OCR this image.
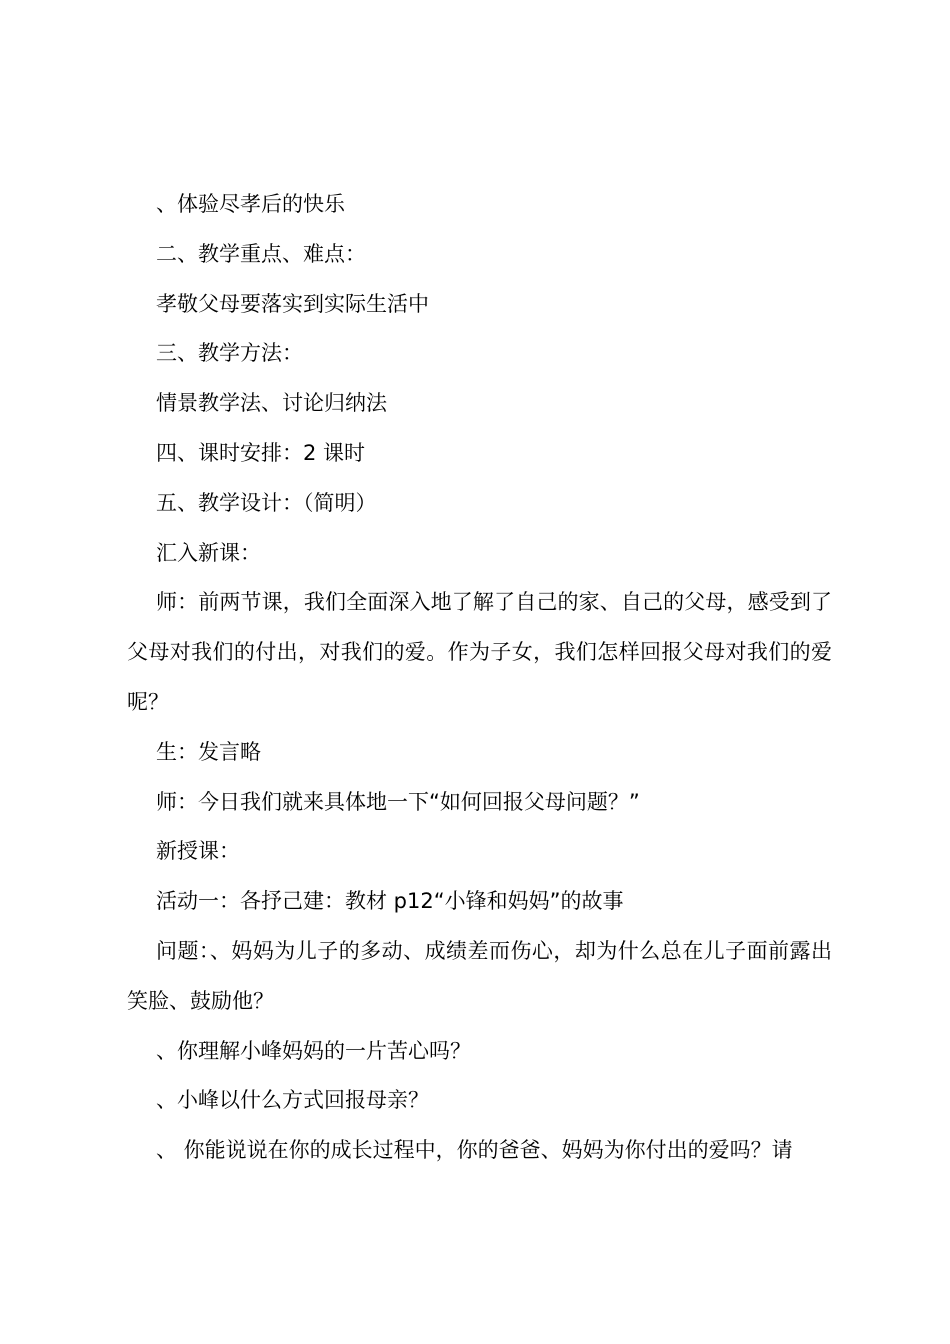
、体验尽孝后的快乐

二、教学重点、难点：

孝敬父母要落实到实际生活中

三、教学方法：

情景教学法、讨论归纳法

四、课时安排：2 课时

五、教学设计：（简明）

汇入新课：

师：前两节课，我们全面深入地了解了自己的家、自己的父母，感受到了父母对我们的付出，对我们的爱。作为子女，我们怎样回报父母对我们的爱呢？

生：发言略

师：今日我们就来具体地一下“如何回报父母问题？”

新授课：

活动一：各抒己建：教材 p12“小锋和妈妈”的故事

问题：、妈妈为儿子的多动、成绩差而伤心，却为什么总在儿子面前露出笑脸、鼓励他？

、你理解小峰妈妈的一片苦心吗？

、小峰以什么方式回报母亲？

、 你能说说在你的成长过程中，你的爸爸、妈妈为你付出的爱吗？请
